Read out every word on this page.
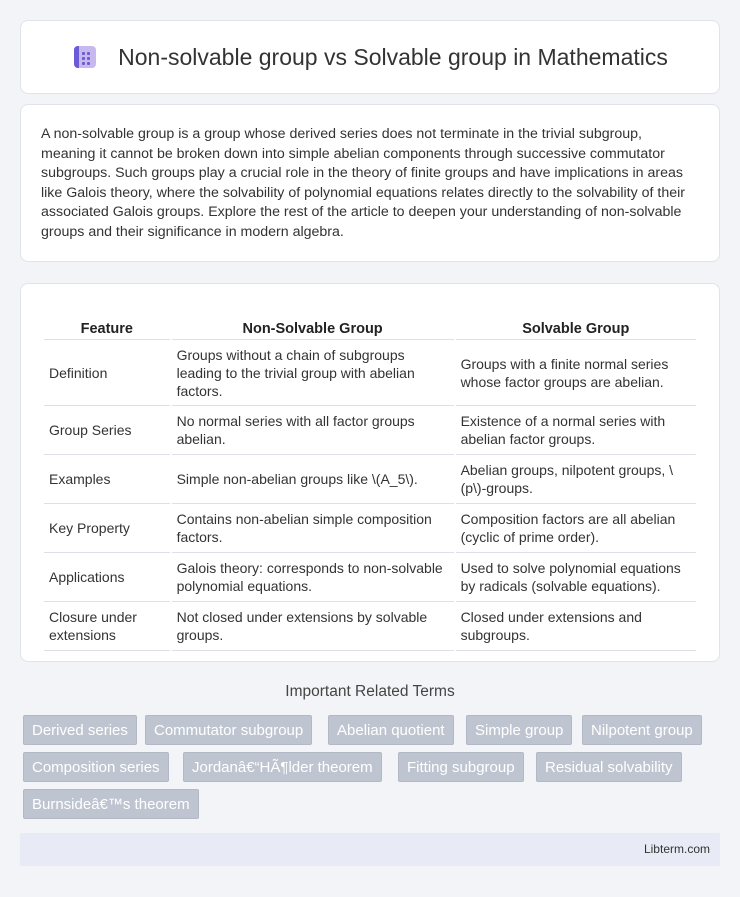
Non-solvable group vs Solvable group in Mathematics

A non-solvable group is a group whose derived series does not terminate in the trivial subgroup, meaning it cannot be broken down into simple abelian components through successive commutator subgroups. Such groups play a crucial role in the theory of finite groups and have implications in areas like Galois theory, where the solvability of polynomial equations relates directly to the solvability of their associated Galois groups. Explore the rest of the article to deepen your understanding of non-solvable groups and their significance in modern algebra.

Feature	Non-Solvable Group	Solvable Group
Definition	Groups without a chain of subgroups leading to the trivial group with abelian factors.	Groups with a finite normal series whose factor groups are abelian.
Group Series	No normal series with all factor groups abelian.	Existence of a normal series with abelian factor groups.
Examples	Simple non-abelian groups like \(A_5\).	Abelian groups, nilpotent groups, \(p\)-groups.
Key Property	Contains non-abelian simple composition factors.	Composition factors are all abelian (cyclic of prime order).
Applications	Galois theory: corresponds to non-solvable polynomial equations.	Used to solve polynomial equations by radicals (solvable equations).
Closure under extensions	Not closed under extensions by solvable groups.	Closed under extensions and subgroups.
Important Related Terms
Derived series	Commutator subgroup	Abelian quotient	Simple group	Nilpotent group
Composition series	Jordanâ€“HÃ¶lder theorem	Fitting subgroup	Residual solvability
Burnsideâ€™s theorem
Libterm.com
